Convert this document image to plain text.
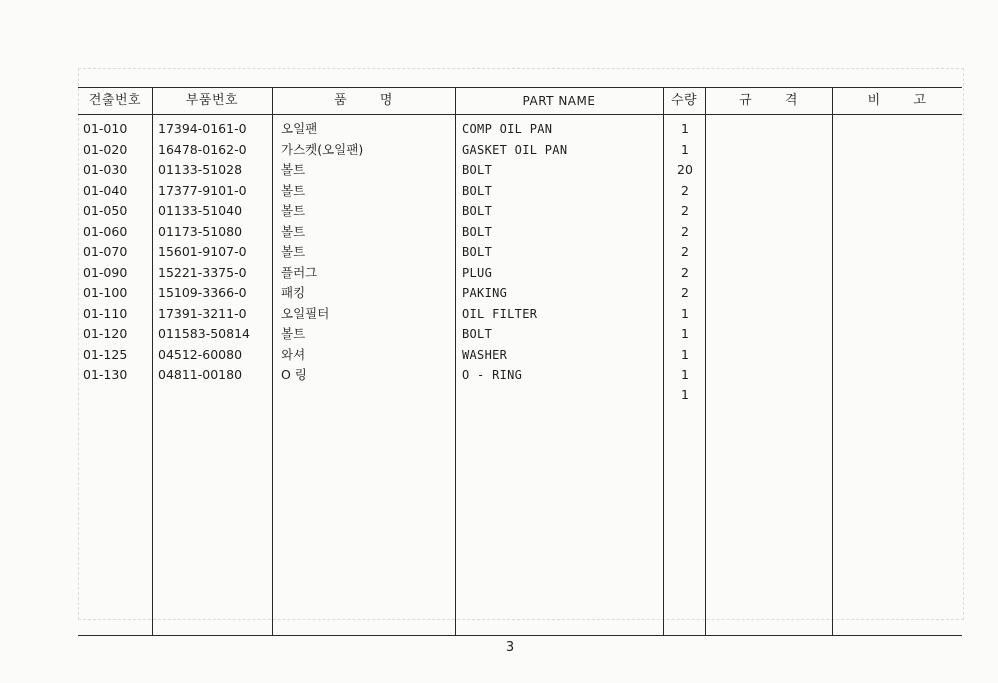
견출번호	부품번호	품 명	PART NAME	수량	규 격	비 고
01-010 17394-0161-0	오일팬	COMP OIL PAN	1
01-020 16478-0162-0	가스켓(오일팬)	GASKET OIL PAN	1
01-030 01133-51028	볼트	BOLT	20
01-040 17377-9101-0	볼트	BOLT	2
01-050 01133-51040	볼트	BOLT	2
01-060 01173-51080	볼트	BOLT	2
01-070 15601-9107-0	볼트	BOLT	2
01-090 15221-3375-0	플러그	PLUG	2
01-100 15109-3366-0	패킹	PAKING	2
01-110 17391-3211-0	오일필터	OIL FILTER	1
01-120 011583-50814 볼트	BOLT	1
01-125 04512-60080	와셔	WASHER	1
01-130 04811-00180	O 링	O - RING	1
1
3
